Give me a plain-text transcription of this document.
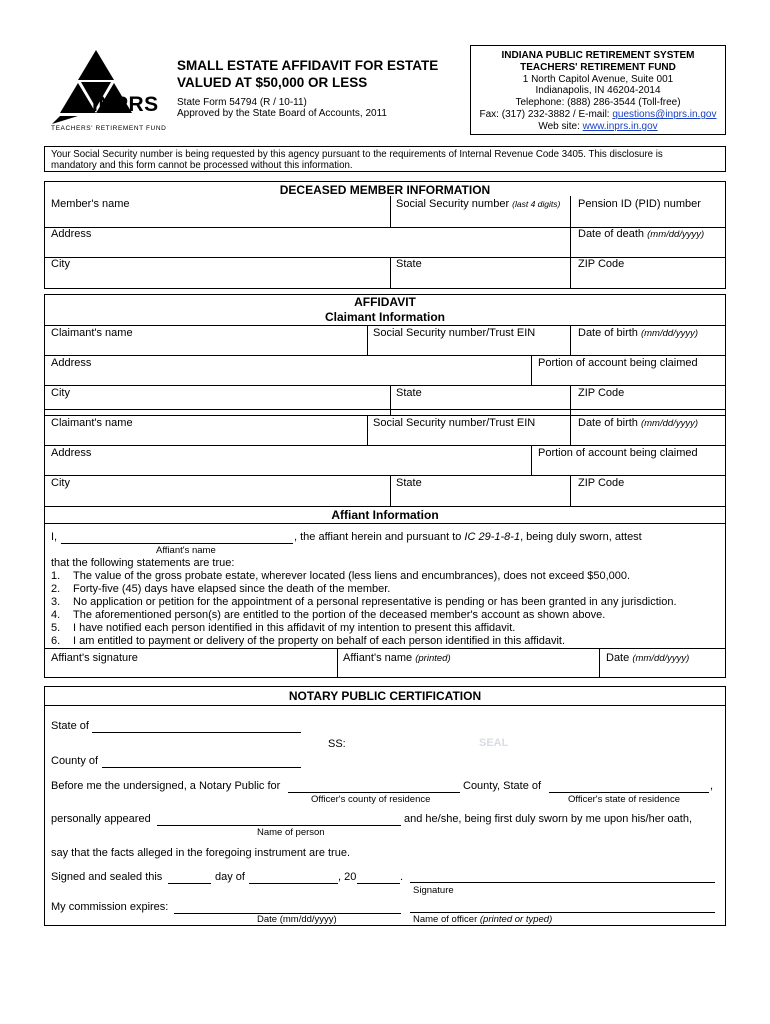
INPRS
TEACHERS' RETIREMENT FUND
SMALL ESTATE AFFIDAVIT FOR ESTATE
VALUED AT $50,000 OR LESS
State Form 54794 (R / 10-11)
Approved by the State Board of Accounts, 2011
INDIANA PUBLIC RETIREMENT SYSTEM
TEACHERS' RETIREMENT FUND
1 North Capitol Avenue, Suite 001
Indianapolis, IN 46204-2014
Telephone: (888) 286-3544 (Toll-free)
Fax: (317) 232-3882 / E-mail: questions@inprs.in.gov
Web site: www.inprs.in.gov
Your Social Security number is being requested by this agency pursuant to the requirements of Internal Revenue Code 3405. This disclosure is
mandatory and this form cannot be processed without this information.
DECEASED MEMBER INFORMATION
Member's name	Social Security number (last 4 digits) Pension ID (PID) number
Address	Date of death (mm/dd/yyyy)
City	State	ZIP Code
AFFIDAVIT
Claimant Information
Claimant's name	Social Security number/Trust EIN	Date of birth (mm/dd/yyyy)
Address	Portion of account being claimed
City	State	ZIP Code
Claimant's name	Social Security number/Trust EIN	Date of birth (mm/dd/yyyy)
Address	Portion of account being claimed
City	State	ZIP Code
Affiant Information
I,	, the affiant herein and pursuant to IC 29-1-8-1, being duly sworn, attest
Affiant's name
that the following statements are true:
1. The value of the gross probate estate, wherever located (less liens and encumbrances), does not exceed $50,000.
2. Forty-five (45) days have elapsed since the death of the member.
3. No application or petition for the appointment of a personal representative is pending or has been granted in any jurisdiction.
4. The aforementioned person(s) are entitled to the portion of the deceased member's account as shown above.
5. I have notified each person identified in this affidavit of my intention to present this affidavit.
6. I am entitled to payment or delivery of the property on behalf of each person identified in this affidavit.
Affiant's signature	Affiant's name (printed)	Date (mm/dd/yyyy)
NOTARY PUBLIC CERTIFICATION
State of
SS:	SEAL
County of
Before me the undersigned, a Notary Public for	County, State of	,
Officer's county of residence	Officer's state of residence
personally appeared	and he/she, being first duly sworn by me upon his/her oath,
Name of person
say that the facts alleged in the foregoing instrument are true.
Signed and sealed this	day of	, 20	.
Signature
My commission expires:
Date (mm/dd/yyyy)	Name of officer (printed or typed)
